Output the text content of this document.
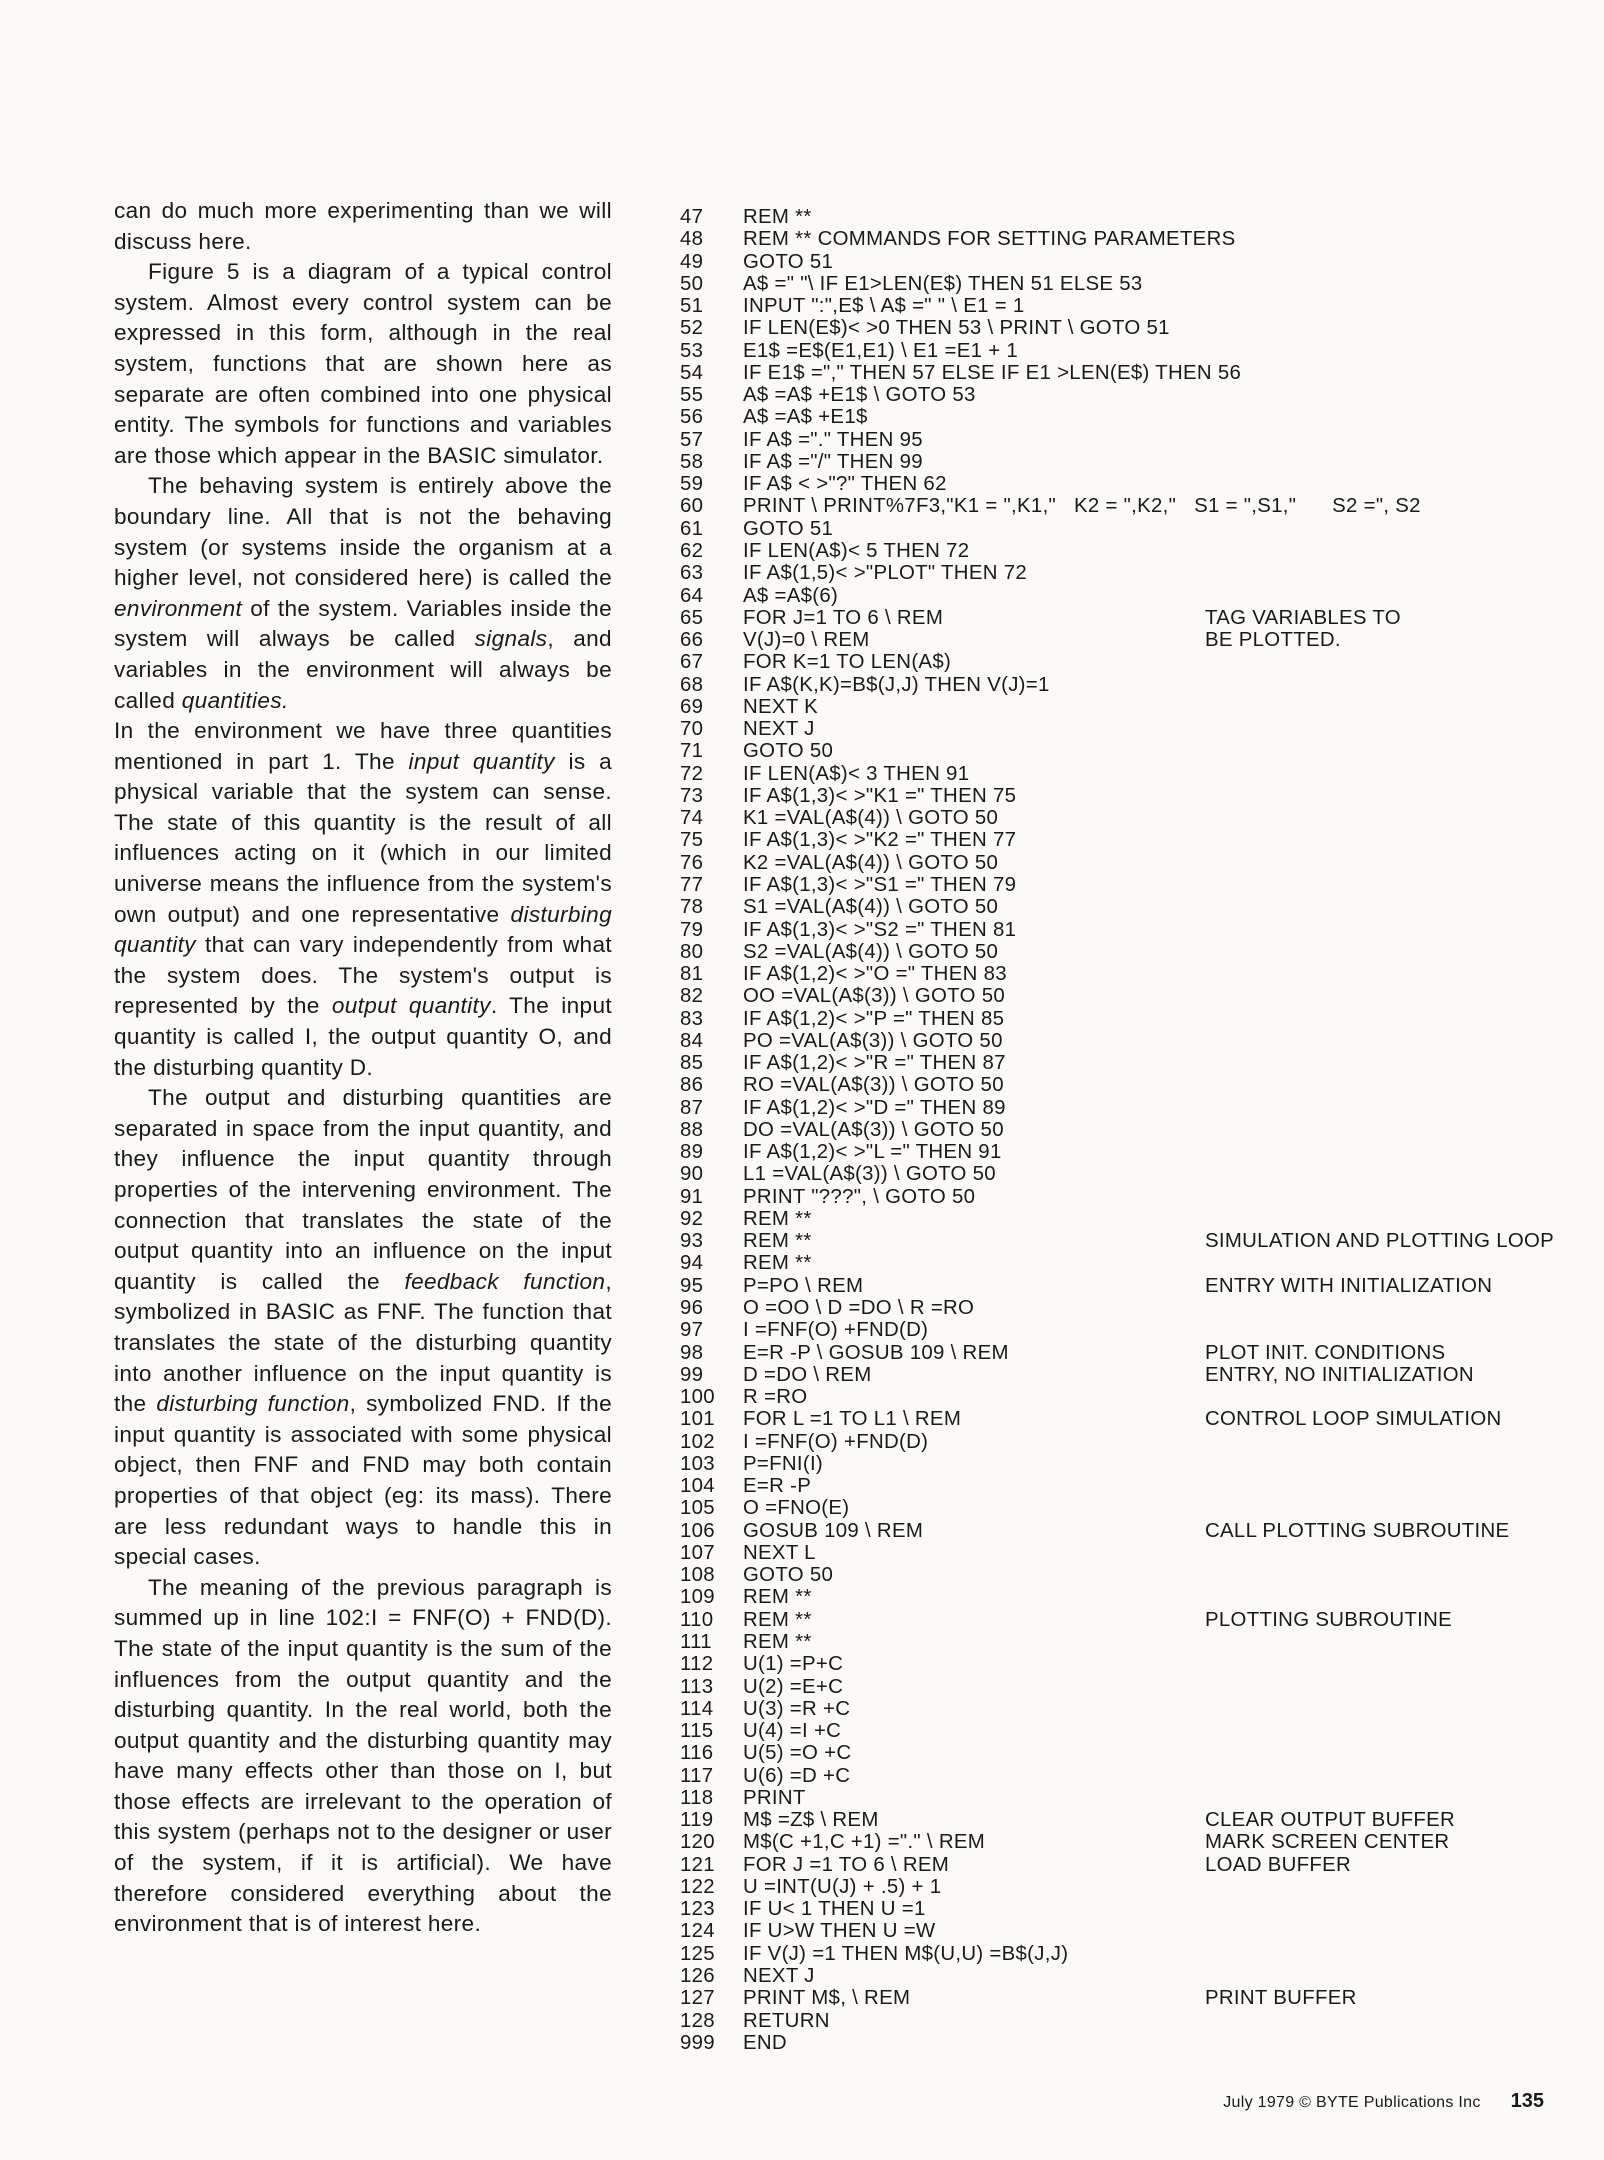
can do much more experimenting than we will discuss here.

Figure 5 is a diagram of a typical control system. Almost every control system can be expressed in this form, although in the real system, functions that are shown here as separate are often combined into one physical entity. The symbols for functions and variables are those which appear in the BASIC simulator.

The behaving system is entirely above the boundary line. All that is not the behaving system (or systems inside the organism at a higher level, not considered here) is called the environment of the system. Variables inside the system will always be called signals, and variables in the environment will always be called quantities.

In the environment we have three quantities mentioned in part 1. The input quantity is a physical variable that the system can sense. The state of this quantity is the result of all influences acting on it (which in our limited universe means the influence from the system's own output) and one representative disturbing quantity that can vary independently from what the system does. The system's output is represented by the output quantity. The input quantity is called I, the output quantity O, and the disturbing quantity D.

The output and disturbing quantities are separated in space from the input quantity, and they influence the input quantity through properties of the intervening environment. The connection that translates the state of the output quantity into an influence on the input quantity is called the feedback function, symbolized in BASIC as FNF. The function that translates the state of the disturbing quantity into another influence on the input quantity is the disturbing function, symbolized FND. If the input quantity is associated with some physical object, then FNF and FND may both contain properties of that object (eg: its mass). There are less redundant ways to handle this in special cases.

The meaning of the previous paragraph is summed up in line 102:I = FNF(O) + FND(D). The state of the input quantity is the sum of the influences from the output quantity and the disturbing quantity. In the real world, both the output quantity and the disturbing quantity may have many effects other than those on I, but those effects are irrelevant to the operation of this system (perhaps not to the designer or user of the system, if it is artificial). We have therefore considered everything about the environment that is of interest here.

47	REM **
48	REM ** COMMANDS FOR SETTING PARAMETERS
49	GOTO 51
50	A$ =" "\ IF E1>LEN(E$) THEN 51 ELSE 53
51	INPUT ":",E$ \ A$ =" " \ E1 = 1
52	IF LEN(E$)< >0 THEN 53 \ PRINT \ GOTO 51
53	E1$ =E$(E1,E1) \ E1 =E1 + 1
54	IF E1$ ="," THEN 57 ELSE IF E1 >LEN(E$) THEN 56
55	A$ =A$ +E1$ \ GOTO 53
56	A$ =A$ +E1$
57	IF A$ ="." THEN 95
58	IF A$ ="/" THEN 99
59	IF A$ < >"?" THEN 62
60	PRINT \ PRINT%7F3,"K1 = ",K1,"   K2 = ",K2,"   S1 = ",S1,"      S2 =", S2
61	GOTO 51
62	IF LEN(A$)< 5 THEN 72
63	IF A$(1,5)< >"PLOT" THEN 72
64	A$ =A$(6)
65	FOR J=1 TO 6 \ REM	TAG VARIABLES TO
66	V(J)=0 \ REM	BE PLOTTED.
67	FOR K=1 TO LEN(A$)
68	IF A$(K,K)=B$(J,J) THEN V(J)=1
69	NEXT K
70	NEXT J
71	GOTO 50
72	IF LEN(A$)< 3 THEN 91
73	IF A$(1,3)< >"K1 =" THEN 75
74	K1 =VAL(A$(4)) \ GOTO 50
75	IF A$(1,3)< >"K2 =" THEN 77
76	K2 =VAL(A$(4)) \ GOTO 50
77	IF A$(1,3)< >"S1 =" THEN 79
78	S1 =VAL(A$(4)) \ GOTO 50
79	IF A$(1,3)< >"S2 =" THEN 81
80	S2 =VAL(A$(4)) \ GOTO 50
81	IF A$(1,2)< >"O =" THEN 83
82	OO =VAL(A$(3)) \ GOTO 50
83	IF A$(1,2)< >"P =" THEN 85
84	PO =VAL(A$(3)) \ GOTO 50
85	IF A$(1,2)< >"R =" THEN 87
86	RO =VAL(A$(3)) \ GOTO 50
87	IF A$(1,2)< >"D =" THEN 89
88	DO =VAL(A$(3)) \ GOTO 50
89	IF A$(1,2)< >"L =" THEN 91
90	L1 =VAL(A$(3)) \ GOTO 50
91	PRINT "???", \ GOTO 50
92	REM **
93	REM **	SIMULATION AND PLOTTING LOOP
94	REM **
95	P=PO \ REM	ENTRY WITH INITIALIZATION
96	O =OO \ D =DO \ R =RO
97	I =FNF(O) +FND(D)
98	E=R -P \ GOSUB 109 \ REM	PLOT INIT. CONDITIONS
99	D =DO \ REM	ENTRY, NO INITIALIZATION
100	R =RO
101	FOR L =1 TO L1 \ REM	CONTROL LOOP SIMULATION
102	I =FNF(O) +FND(D)
103	P=FNI(I)
104	E=R -P
105	O =FNO(E)
106	GOSUB 109 \ REM	CALL PLOTTING SUBROUTINE
107	NEXT L
108	GOTO 50
109	REM **
110	REM **	PLOTTING SUBROUTINE
111	REM **
112	U(1) =P+C
113	U(2) =E+C
114	U(3) =R +C
115	U(4) =I +C
116	U(5) =O +C
117	U(6) =D +C
118	PRINT
119	M$ =Z$ \ REM	CLEAR OUTPUT BUFFER
120	M$(C +1,C +1) ="." \ REM	MARK SCREEN CENTER
121	FOR J =1 TO 6 \ REM	LOAD BUFFER
122	U =INT(U(J) + .5) + 1
123	IF U< 1 THEN U =1
124	IF U>W THEN U =W
125	IF V(J) =1 THEN M$(U,U) =B$(J,J)
126	NEXT J
127	PRINT M$, \ REM	PRINT BUFFER
128	RETURN
999	END
July 1979 © BYTE Publications Inc 135
